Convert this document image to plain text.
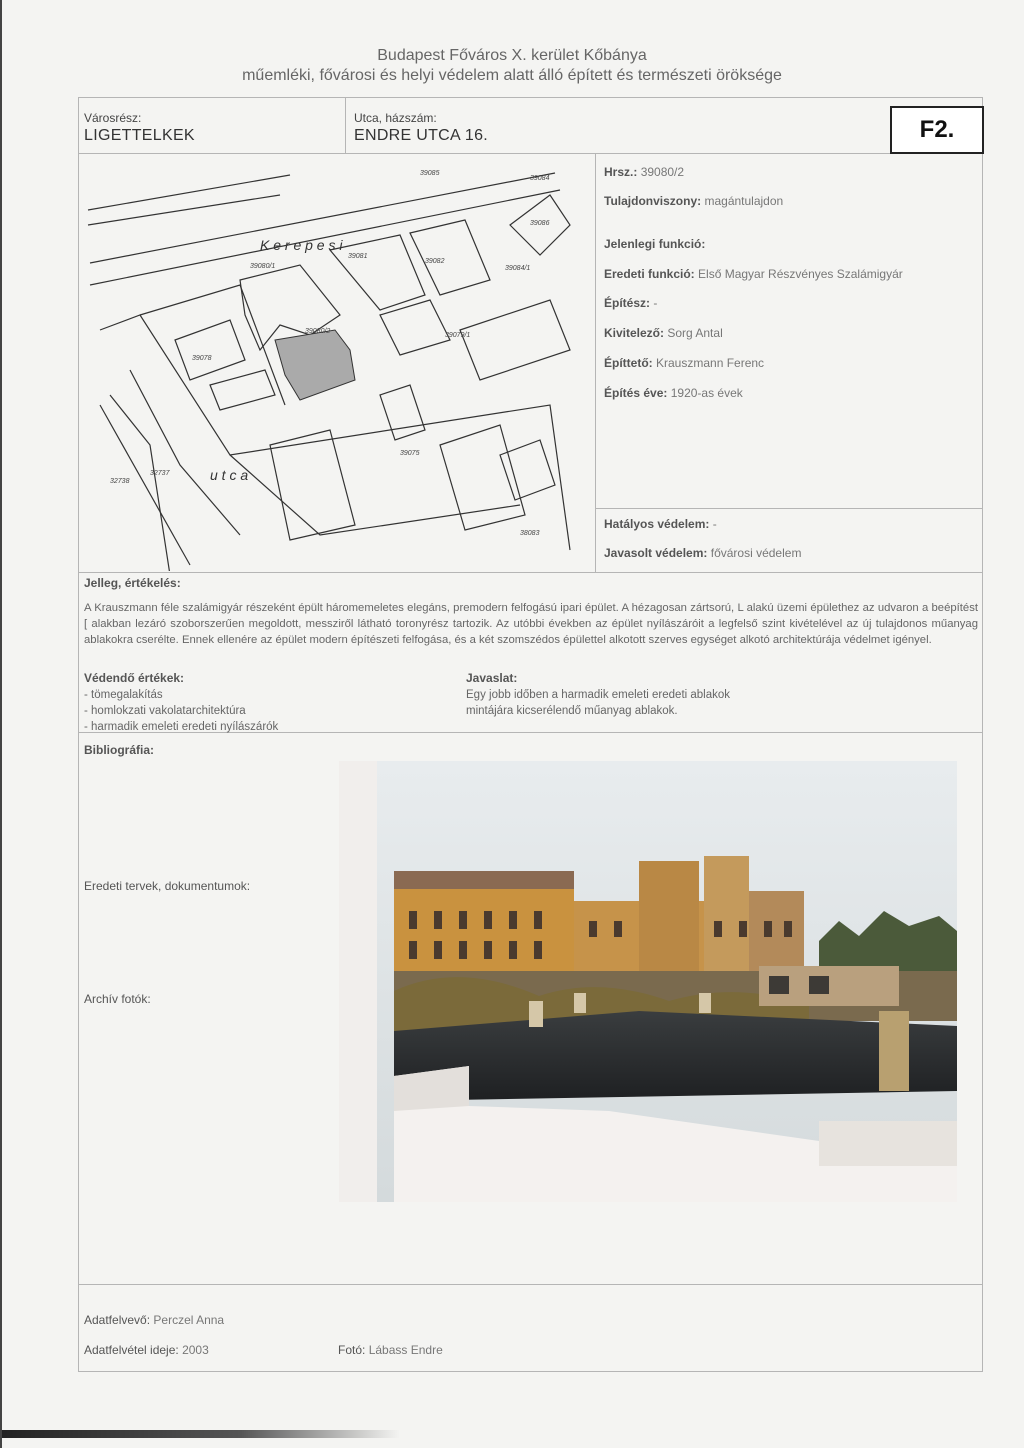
Budapest Főváros X. kerület Kőbánya
műemléki, fővárosi és helyi védelem alatt álló épített és természeti öröksége
Városrész:
LIGETTELKEK
Utca, házszám:
ENDRE UTCA 16.	F2.
K e r e p e s i
u t c a
39080/1
39081
39082
39080/2
39078
39079/1
39085
39084
39086
39075
32737
32738
39084/1
38083
Hrsz.: 39080/2
Tulajdonviszony: magántulajdon
Jelenlegi funkció:
Eredeti funkció: Első Magyar Részvényes Szalámigyár
Építész: -
Kivitelező: Sorg Antal
Építtető: Krauszmann Ferenc
Építés éve: 1920-as évek
Hatályos védelem: -
Javasolt védelem: fővárosi védelem
Jelleg, értékelés:
A Krauszmann féle szalámigyár részeként épült háromemeletes elegáns, premodern felfogású ipari épület. A hézagosan zártsorú, L alakú üzemi épülethez az udvaron a beépítést [ alakban lezáró szoborszerűen megoldott, messziről látható toronyrész tartozik. Az utóbbi években az épület nyílászáróit a legfelső szint kivételével az új tulajdonos műanyag ablakokra cserélte. Ennek ellenére az épület modern építészeti felfogása, és a két szomszédos épülettel alkotott szerves egységet alkotó architektúrája védelmet igényel.
Védendő értékek:
- tömegalakítás
- homlokzati vakolatarchitektúra
- harmadik emeleti eredeti nyílászárók
Javaslat:
Egy jobb időben a harmadik emeleti eredeti ablakok
mintájára kicserélendő műanyag ablakok.
Bibliográfia:
Eredeti tervek, dokumentumok:
Archív fotók:
Adatfelvevő: Perczel Anna
Adatfelvétel ideje: 2003	Fotó: Lábass Endre
